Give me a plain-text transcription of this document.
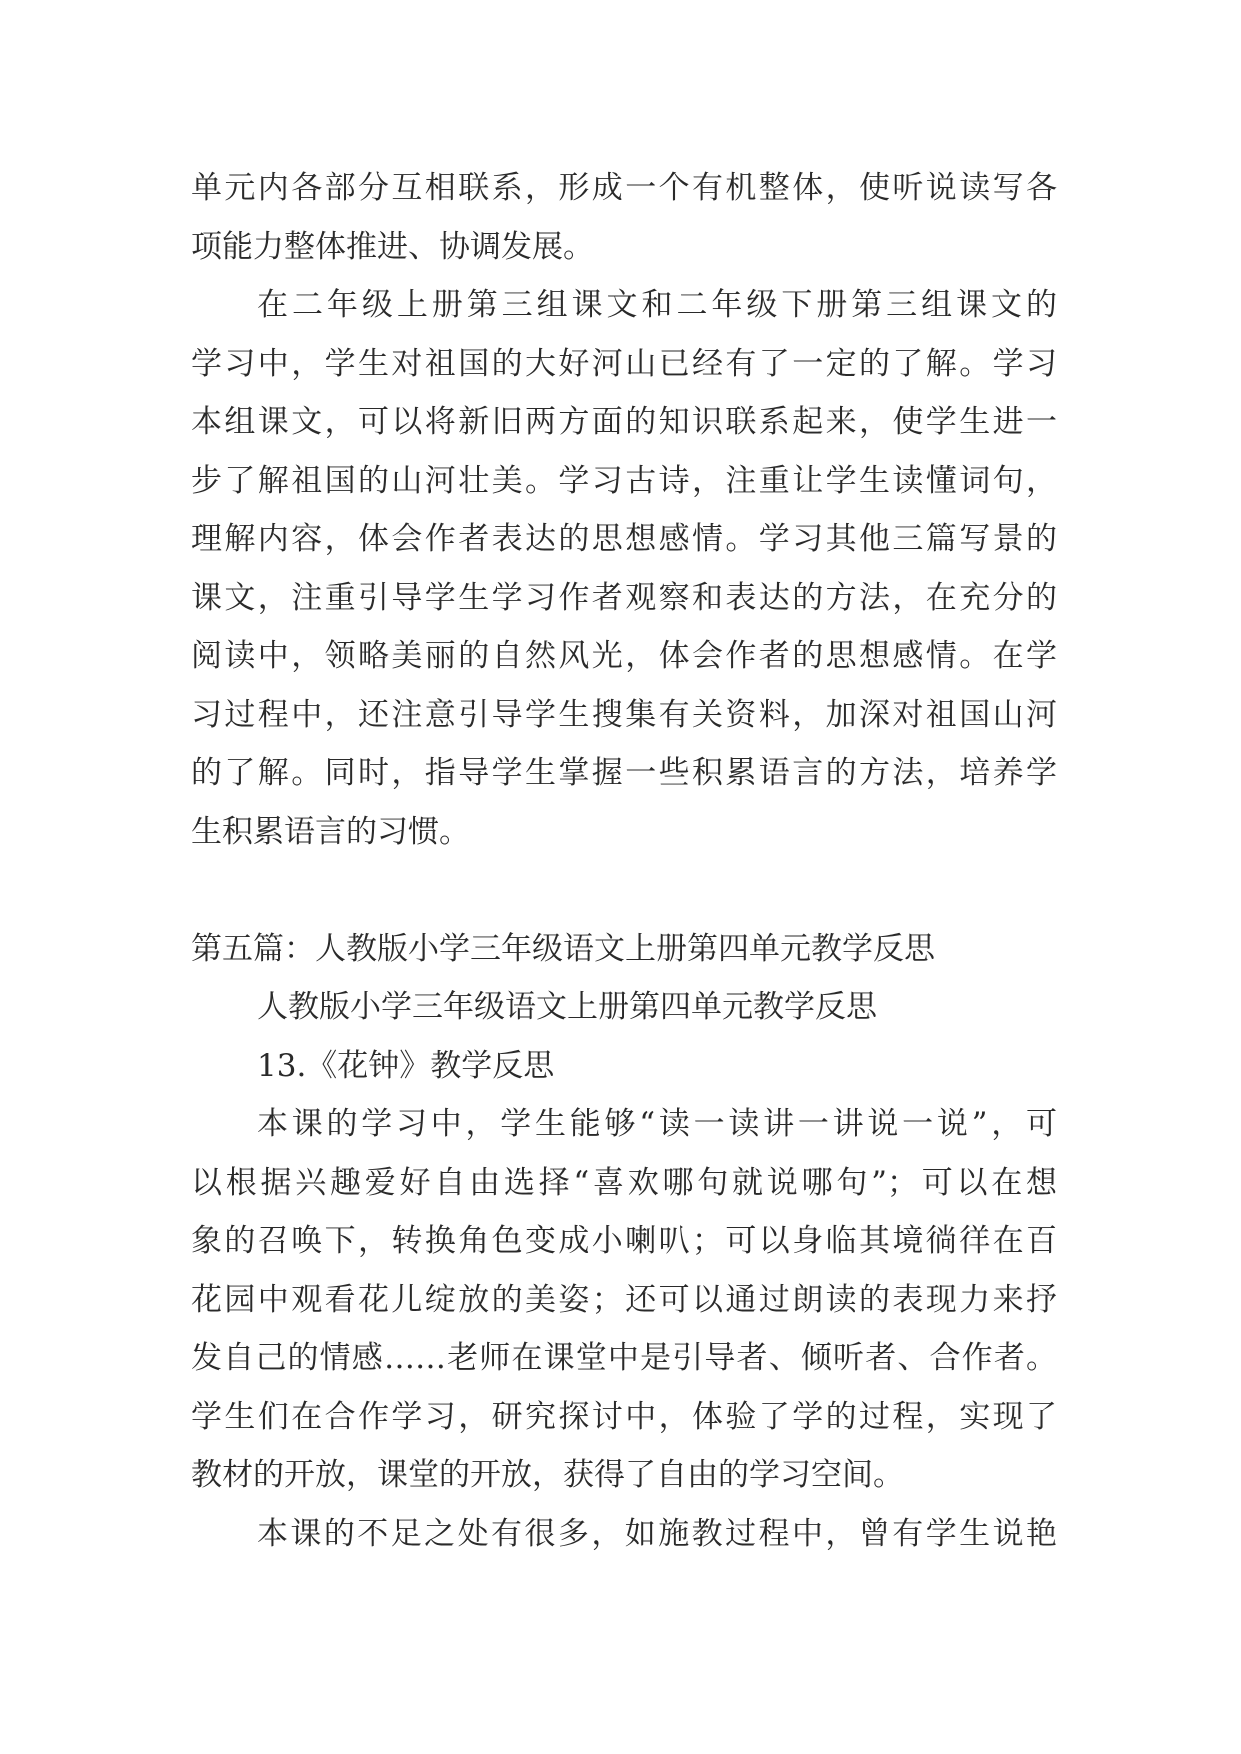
单元内各部分互相联系，形成一个有机整体，使听说读写各
项能力整体推进、协调发展。
在二年级上册第三组课文和二年级下册第三组课文的
学习中，学生对祖国的大好河山已经有了一定的了解。学习
本组课文，可以将新旧两方面的知识联系起来，使学生进一
步了解祖国的山河壮美。学习古诗，注重让学生读懂词句，
理解内容，体会作者表达的思想感情。学习其他三篇写景的
课文，注重引导学生学习作者观察和表达的方法，在充分的
阅读中，领略美丽的自然风光，体会作者的思想感情。在学
习过程中，还注意引导学生搜集有关资料，加深对祖国山河
的了解。同时，指导学生掌握一些积累语言的方法，培养学
生积累语言的习惯。
第五篇：人教版小学三年级语文上册第四单元教学反思
人教版小学三年级语文上册第四单元教学反思
13.《花钟》教学反思
本课的学习中，学生能够“读一读讲一讲说一说”，可
以根据兴趣爱好自由选择“喜欢哪句就说哪句”；可以在想
象的召唤下，转换角色变成小喇叭；可以身临其境徜徉在百
花园中观看花儿绽放的美姿；还可以通过朗读的表现力来抒
发自己的情感……老师在课堂中是引导者、倾听者、合作者。
学生们在合作学习，研究探讨中，体验了学的过程，实现了
教材的开放，课堂的开放，获得了自由的学习空间。
本课的不足之处有很多，如施教过程中，曾有学生说艳
